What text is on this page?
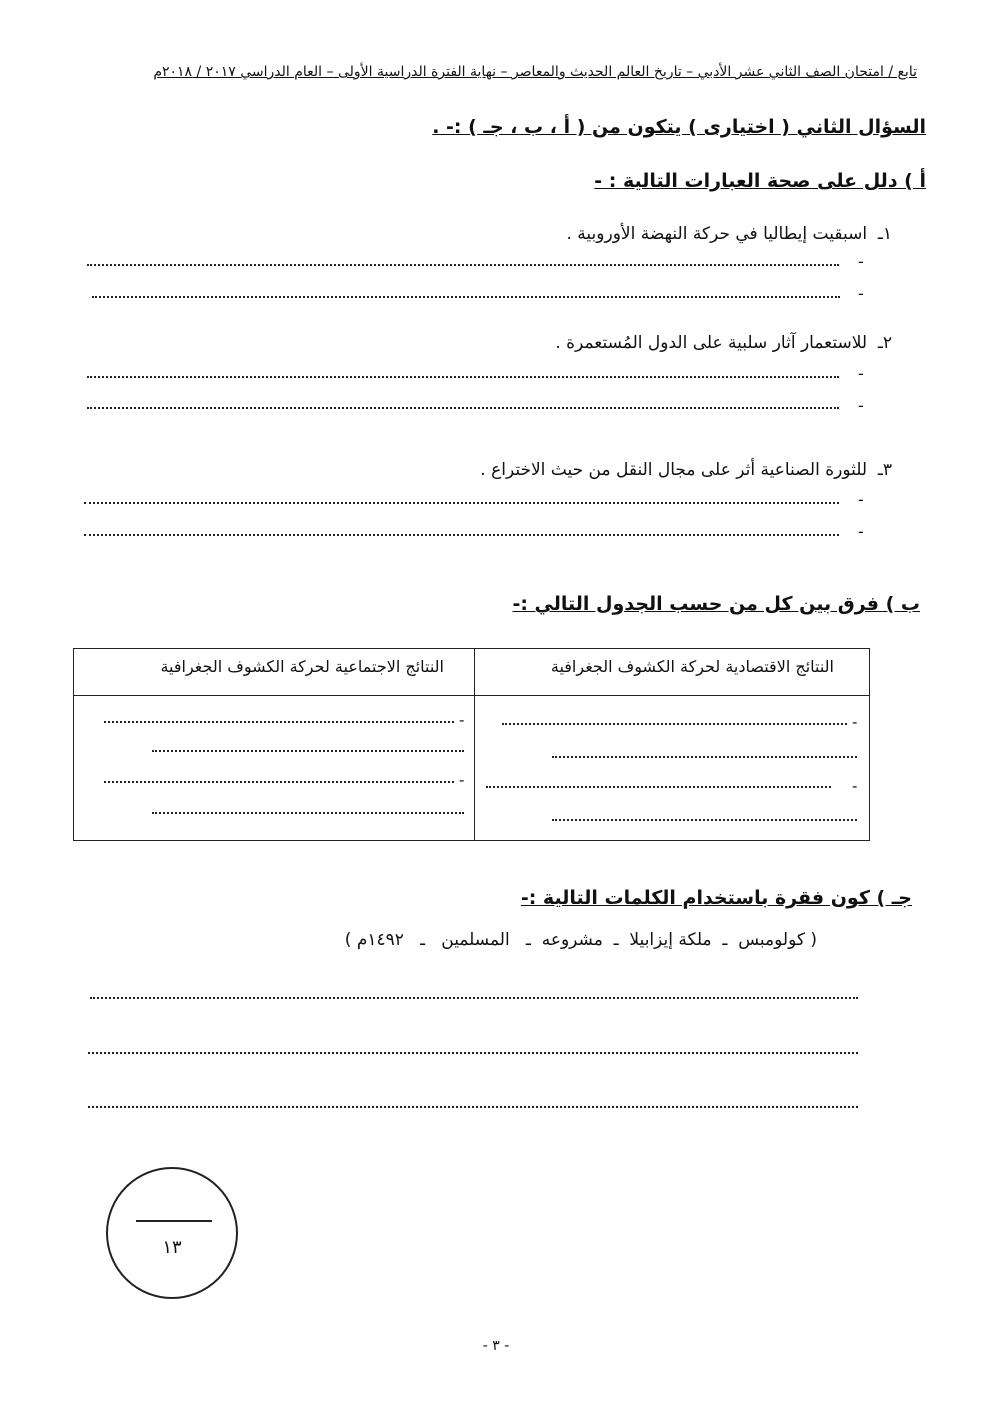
تابع / امتحان الصف الثاني عشر الأدبي – تاريخ العالم الحديث والمعاصر – نهاية الفترة الدراسية الأولى – العام الدراسي ٢٠١٧ / ٢٠١٨م
السؤال الثاني ( اختيارى ) يتكون من ( أ ، ب ، جـ ) :- .
أ ) دلل على صحة العبارات التالية : -
١ـ  اسبقيت إيطاليا في حركة النهضة الأوروبية .
-
-
٢ـ  للاستعمار آثار سلبية على الدول المُستعمرة .
-
-
٣ـ  للثورة الصناعية أثر على مجال النقل من حيث الاختراع .
-
-
ب ) فرق بين كل من حسب الجدول التالي :-
النتائج الاقتصادية لحركة الكشوف الجغرافية
النتائج الاجتماعية لحركة الكشوف الجغرافية
-
-
-
-
جـ ) كون فقرة باستخدام الكلمات التالية :-
( كولومبس  ـ  ملكة إيزابيلا  ـ  مشروعه  ـ   المسلمين   ـ   ١٤٩٢م )
١٣
- ٣ -
